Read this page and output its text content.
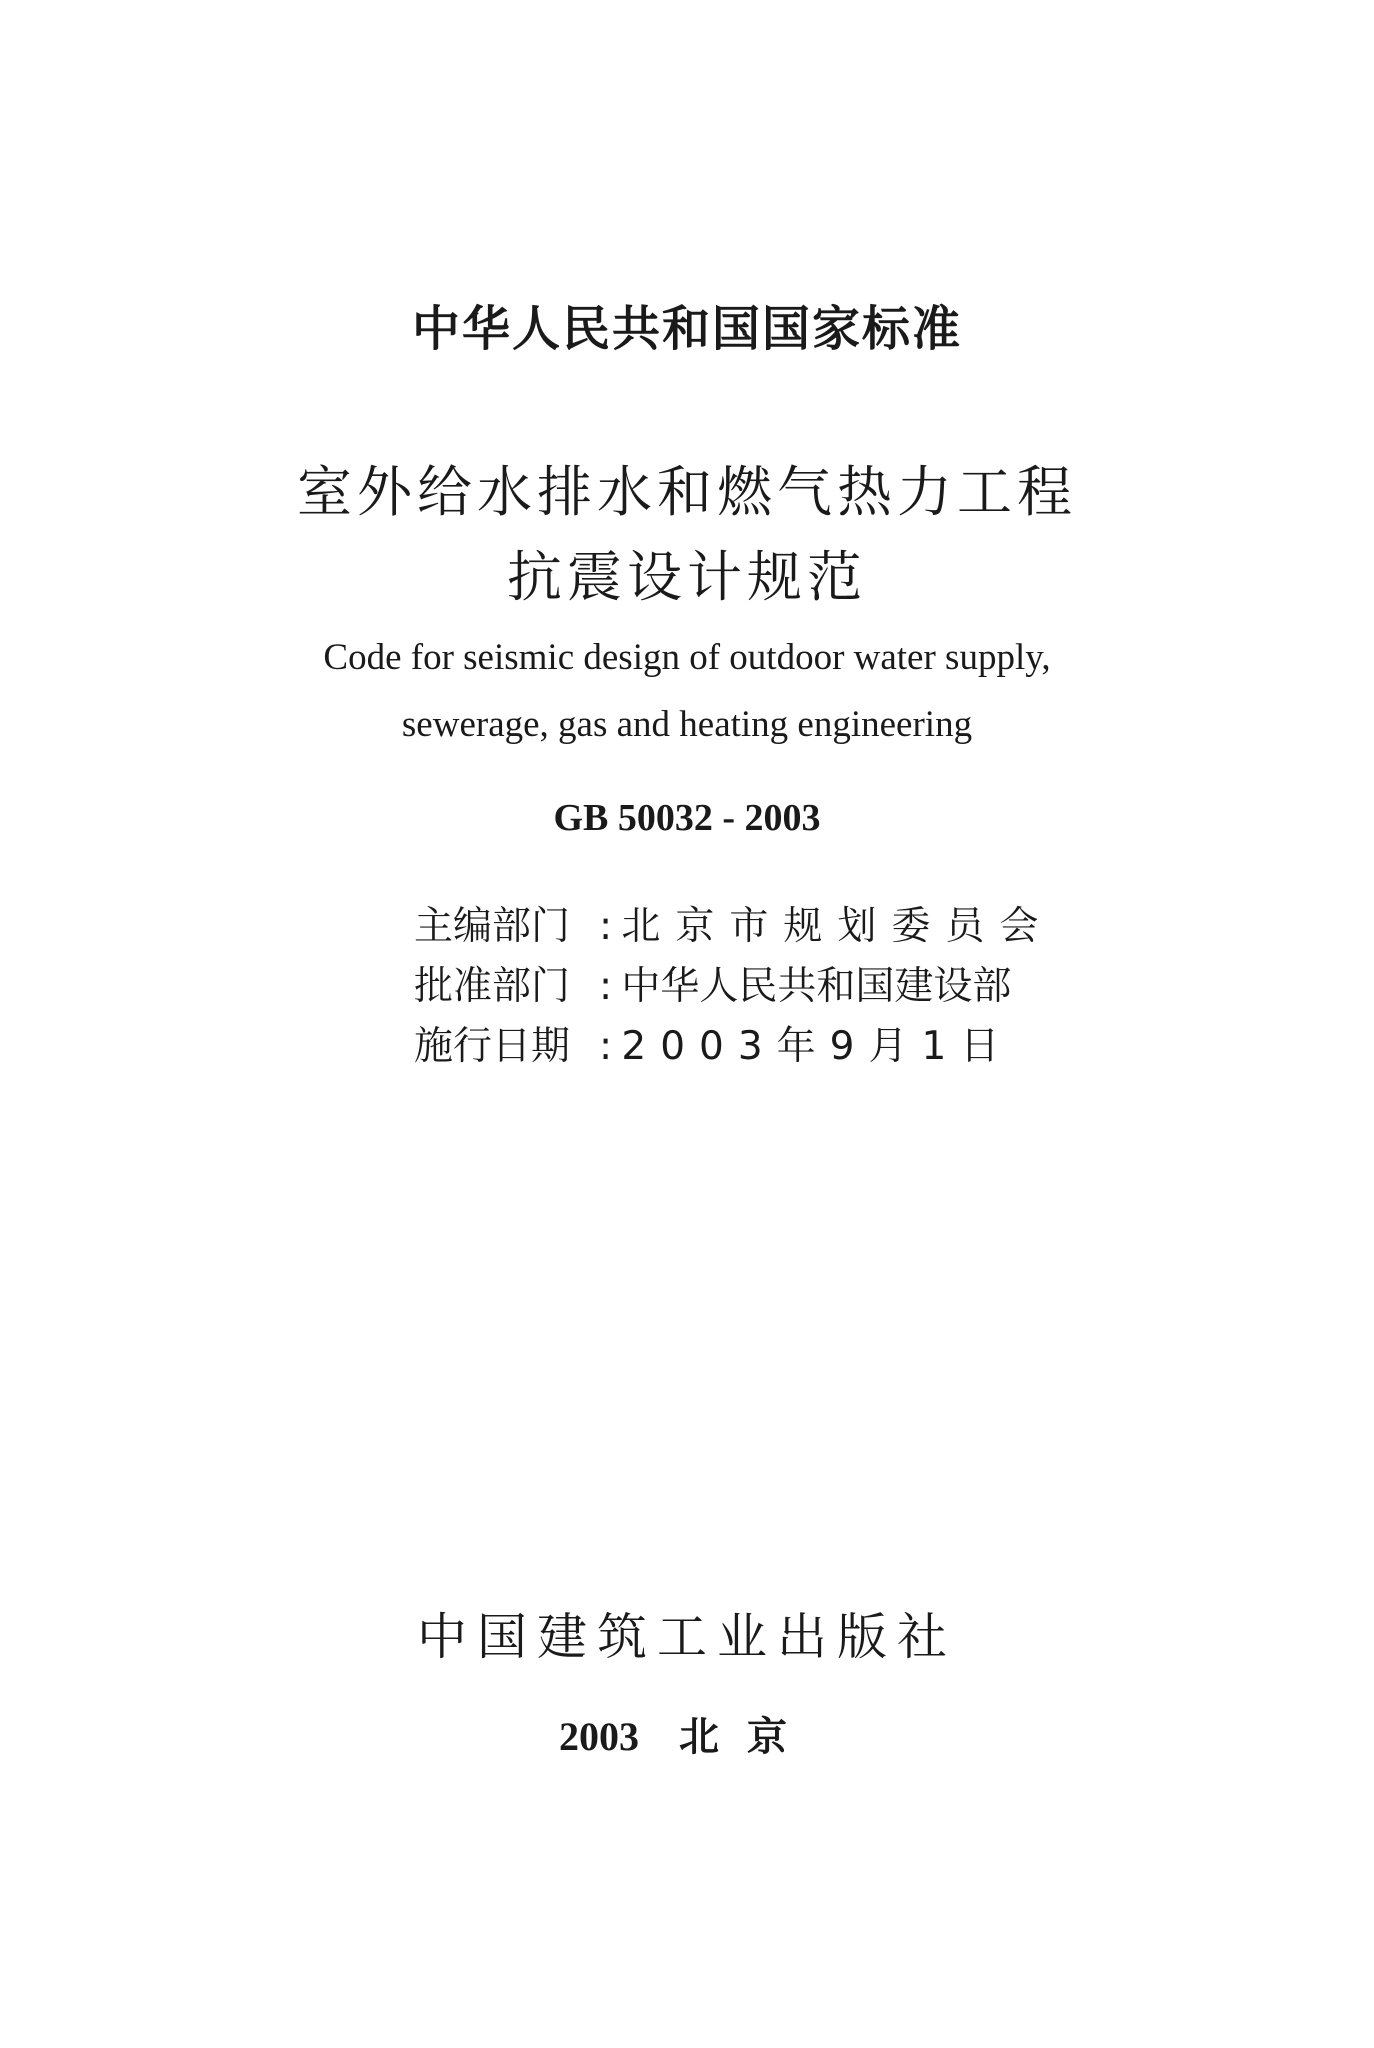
中华人民共和国国家标准
室外给水排水和燃气热力工程
抗震设计规范
Code for seismic design of outdoor water supply,
sewerage, gas and heating engineering
GB 50032 - 2003
主编部门 : 北京市规划委员会
批准部门 : 中华人民共和国建设部
施行日期 : 2003年9月1日
中国建筑工业出版社
2003 北京
